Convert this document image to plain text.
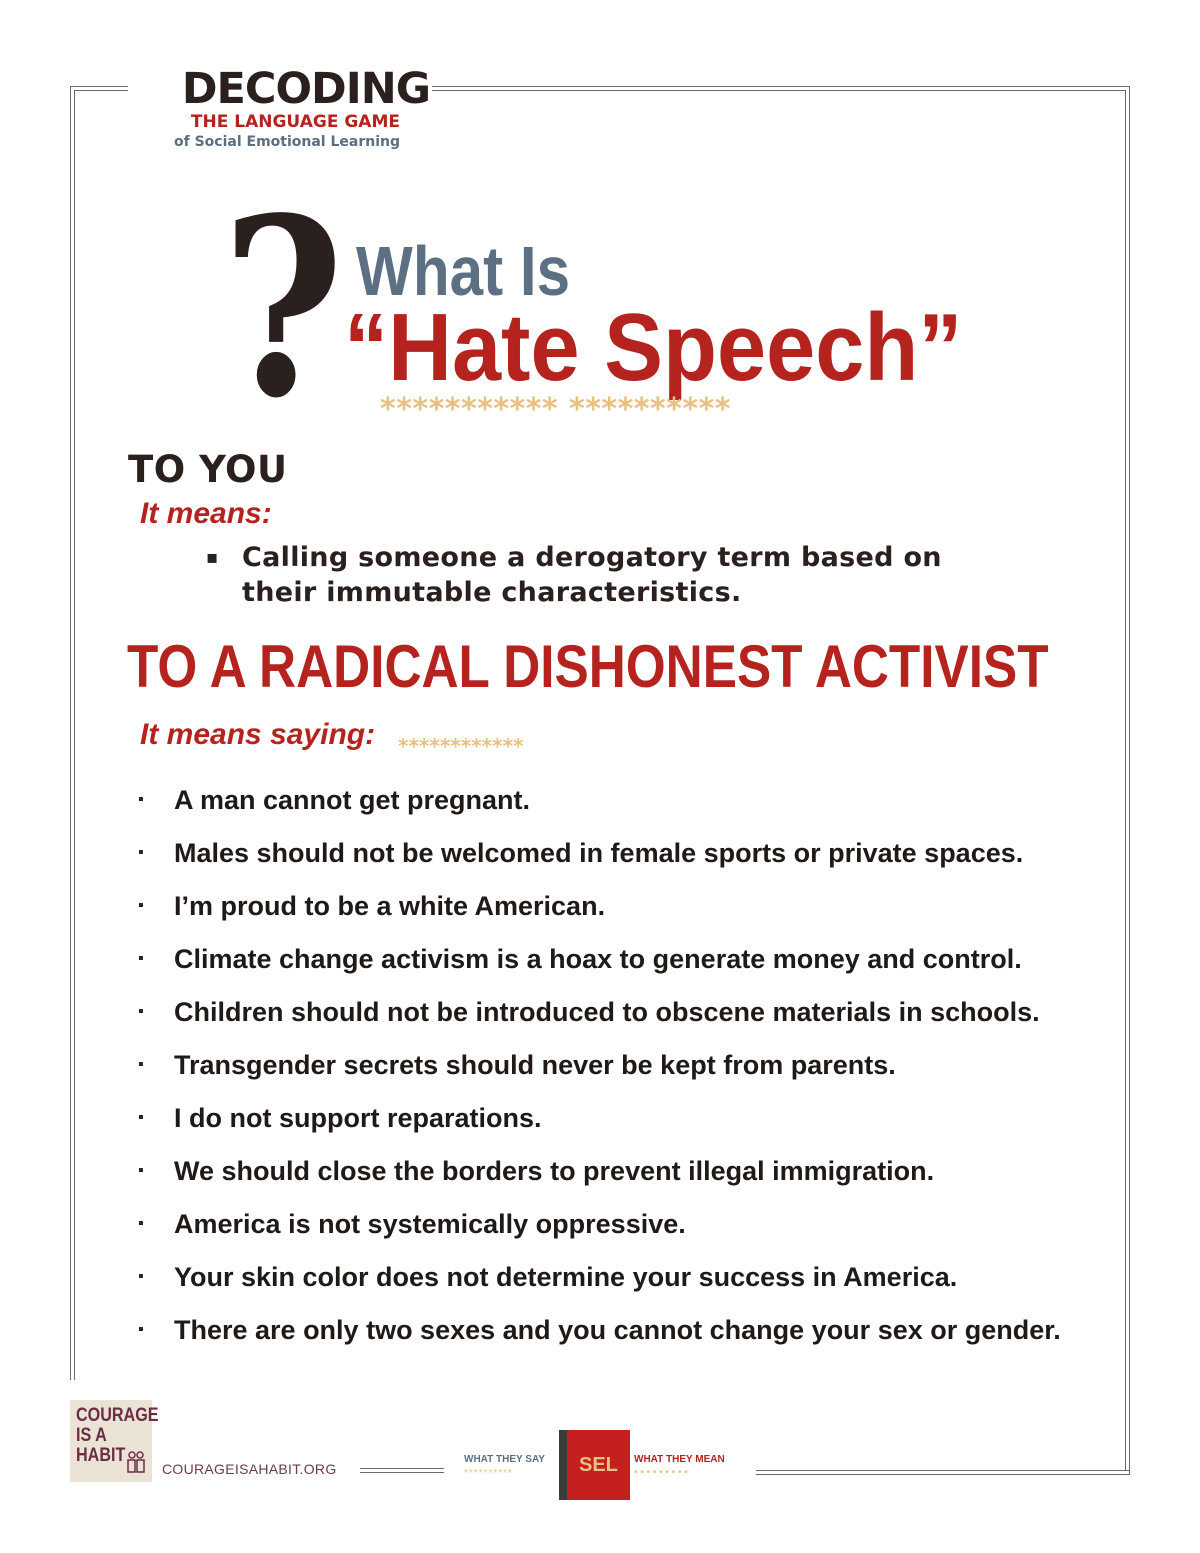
DECODING
THE LANGUAGE GAME
of Social Emotional Learning
? What Is
“Hate Speech”
*********** **********
TO YOU
It means:
▪ Calling someone a derogatory term based on their immutable characteristics.
TO A RADICAL DISHONEST ACTIVIST
It means saying: ************
▪ A man cannot get pregnant.
▪ Males should not be welcomed in female sports or private spaces.
▪ I’m proud to be a white American.
▪ Climate change activism is a hoax to generate money and control.
▪ Children should not be introduced to obscene materials in schools.
▪ Transgender secrets should never be kept from parents.
▪ I do not support reparations.
▪ We should close the borders to prevent illegal immigration.
▪ America is not systemically oppressive.
▪ Your skin color does not determine your success in America.
▪ There are only two sexes and you cannot change your sex or gender.
COURAGE
IS A
HABIT
COURAGEISAHABIT.ORG
WHAT THEY SAY
**********	SEL WHAT THEY MEAN
• • • • • • • • •
